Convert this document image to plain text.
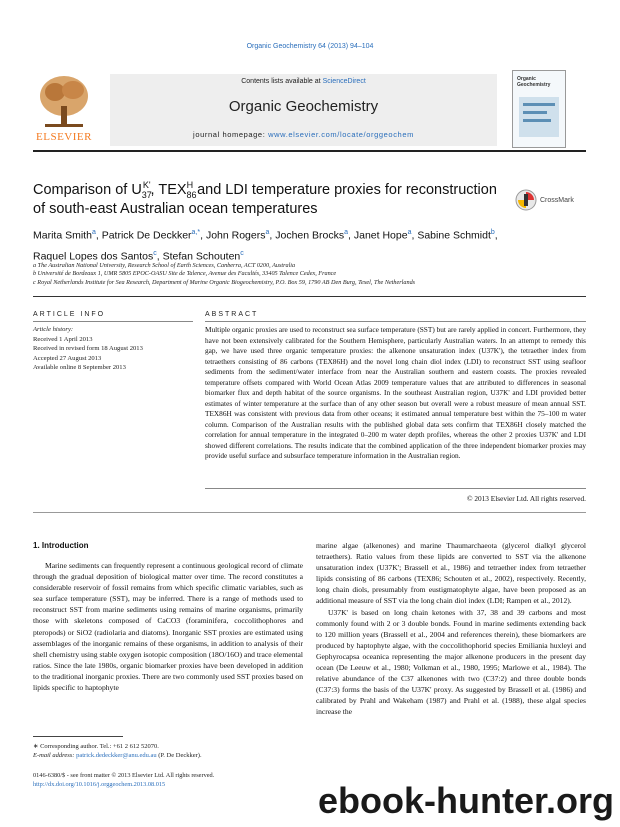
Organic Geochemistry 64 (2013) 94–104
Contents lists available at ScienceDirect
Organic Geochemistry
journal homepage: www.elsevier.com/locate/orggeochem
ELSEVIER
Organic Geochemistry
Comparison of $U_{37}^{K'}$, $TEX_{86}^H$ and LDI temperature proxies for reconstruction of south-east Australian ocean temperatures
CrossMark
Marita Smith$^a$, Patrick De Deckker$^{a,*}$, John Rogers$^a$, Jochen Brocks$^a$, Janet Hope$^a$, Sabine Schmidt$^b$,
Raquel Lopes dos Santos$^c$, Stefan Schouten$^c$
a The Australian National University, Research School of Earth Sciences, Canberra, ACT 0200, Australia
b Université de Bordeaux 1, UMR 5805 EPOC-OASU Site de Talence, Avenue des Facultés, 33405 Talence Cedex, France
c Royal Netherlands Institute for Sea Research, Department of Marine Organic Biogeochemistry, P.O. Box 59, 1790 AB Den Burg, Texel, The Netherlands
ARTICLE INFO	ABSTRACT
Article history:
Received 1 April 2013
Received in revised form 18 August 2013
Accepted 27 August 2013
Available online 8 September 2013
Multiple organic proxies are used to reconstruct sea surface temperature (SST) but are rarely applied in concert. Furthermore, they have not been extensively calibrated for the Southern Hemisphere, particularly Australian waters. In an attempt to remedy this gap, we have used three organic temperature proxies: the alkenone unsaturation index (U37K'), the tetraether index from tetraethers consisting of 86 carbons (TEX86H) and the novel long chain diol index (LDI) to reconstruct SST using seafloor sediments from the sediment/water interface from near the Australian southern and eastern coasts. The proxies revealed temperature offsets compared with World Ocean Atlas 2009 temperature values that are attributed to differences in seasonal biomarker flux and depth habitat of the source organisms. In the southeast Australian region, U37K' and LDI provided better estimates of winter temperature at the surface than of any other season but overall were a robust measure of mean annual SST. TEX86H was consistent with previous data from other oceans; it estimated annual temperature best within the 75–100 m water column. Comparison of the Australian results with the published global data sets confirm that TEX86H closely matched the correlation for annual temperature in the integrated 0–200 m water depth profiles, whereas the other 2 proxies U37K' and LDI showed different correlations. The results indicate that the combined application of the three independent biomarker proxies may provide useful surface and subsurface temperature information in the Australian region.
© 2013 Elsevier Ltd. All rights reserved.
1. Introduction

Marine sediments can frequently represent a continuous geological record of climate through the gradual deposition of biological matter over time. The record constitutes a considerable reservoir of fossil remains from which specific climatic variables, such as sea surface temperature (SST), may be inferred. There is a range of methods used to reconstruct SST from marine sediments using remains of marine organisms, primarily those with skeletons composed of CaCO3 (foraminifera, coccolithophores and pteropods) or SiO2 (radiolaria and diatoms). Inorganic SST proxies are estimated using assemblages of the inorganic remains of these organisms, in addition to analysis of their shell chemistry using stable oxygen isotopic composition (18O/16O) and trace elemental ratios. Since the late 1980s, organic biomarker proxies have been developed in addition to the traditional inorganic proxies. There are two commonly used SST proxies based on lipids specific to haptophyte

marine algae (alkenones) and marine Thaumarchaeota (glycerol dialkyl glycerol tetraethers). Ratio values from these lipids are converted to SST via the alkenone unsaturation index (U37K'; Brassell et al., 1986) and tetraether index from tetraether lipids consisting of 86 carbons (TEX86; Schouten et al., 2002), respectively. Recently, long chain diols, presumably from eustigmatophyte algae, have been proposed as an additional measure of SST via the long chain diol index (LDI; Rampen et al., 2012).

U37K' is based on long chain ketones with 37, 38 and 39 carbons and most commonly found with 2 or 3 double bonds. Found in marine sediments extending back to 120 million years (Brassell et al., 2004 and references therein), these biomarkers are produced by haptophyte algae, with the coccolithophorid species Emiliania huxleyi and Gephyrocapsa oceanica representing the major alkenone producers in the present day ocean (De Leeuw et al., 1980; Volkman et al., 1980, 1995; Marlowe et al., 1984). The relative abundance of the C37 alkenones with two (C37:2) and three double bonds (C37:3) forms the basis of the U37K' proxy. As suggested by Brassell et al. (1986) and calibrated by Prahl and Wakeham (1987) and Prahl et al. (1988), these algal species increase the

∗ Corresponding author. Tel.: +61 2 612 52070.
E-mail address: patrick.dedeckker@anu.edu.au (P. De Deckker).
0146-6380/$ - see front matter © 2013 Elsevier Ltd. All rights reserved.
http://dx.doi.org/10.1016/j.orggeochem.2013.08.015	ebook-hunter.org
